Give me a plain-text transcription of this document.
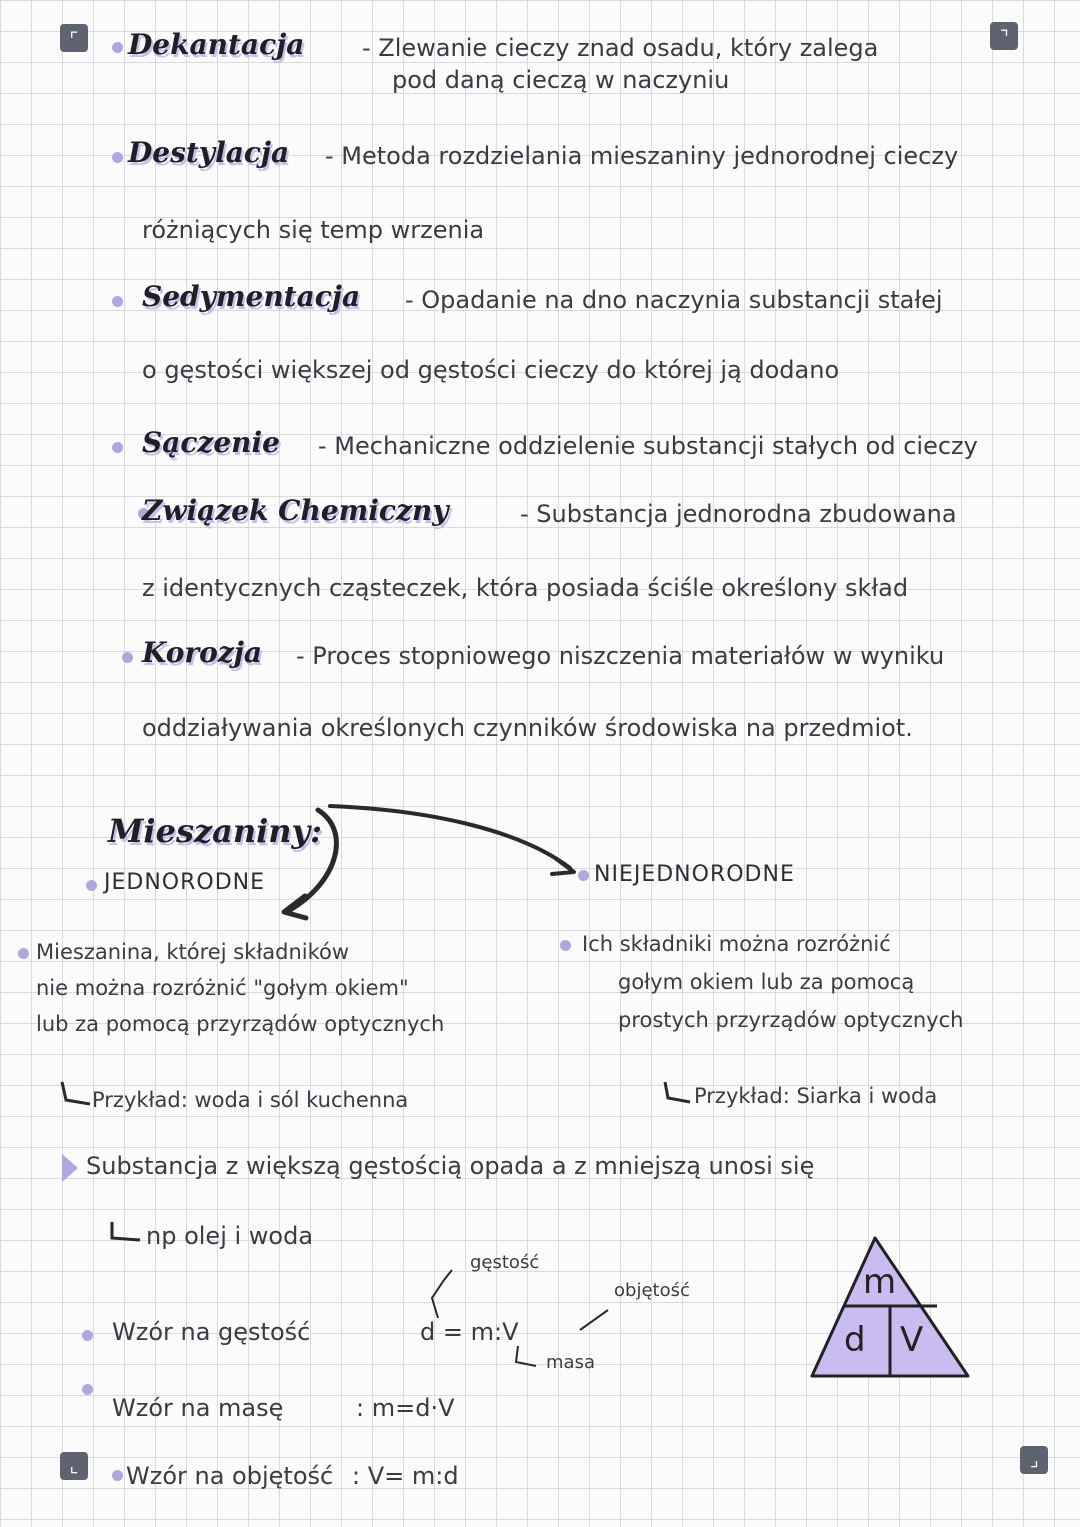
⌜	⌝
⌞	⌟
Dekantacja - Zlewanie cieczy znad osadu, który zalega
pod daną cieczą w naczyniu
Destylacja - Metoda rozdzielania mieszaniny jednorodnej cieczy
różniących się temp wrzenia
Sedymentacja - Opadanie na dno naczynia substancji stałej
o gęstości większej od gęstości cieczy do której ją dodano
Sączenie - Mechaniczne oddzielenie substancji stałych od cieczy
Związek Chemiczny	- Substancja jednorodna zbudowana
z identycznych cząsteczek, która posiada ściśle określony skład
Korozja - Proces stopniowego niszczenia materiałów w wyniku
oddziaływania określonych czynników środowiska na przedmiot.
Mieszaniny:
JEDNORODNE	NIEJEDNORODNE
Mieszanina, której składników
nie można rozróżnić "gołym okiem"
lub za pomocą przyrządów optycznych
Przykład: woda i sól kuchenna
Ich składniki można rozróżnić
gołym okiem lub za pomocą
prostych przyrządów optycznych
Przykład: Siarka i woda
Substancja z większą gęstością opada a z mniejszą unosi się
np olej i woda
gęstość
objętość
Wzór na gęstość	d = m:V
masa
Wzór na masę	: m=d·V
Wzór na objętość : V= m:d
m
d V
